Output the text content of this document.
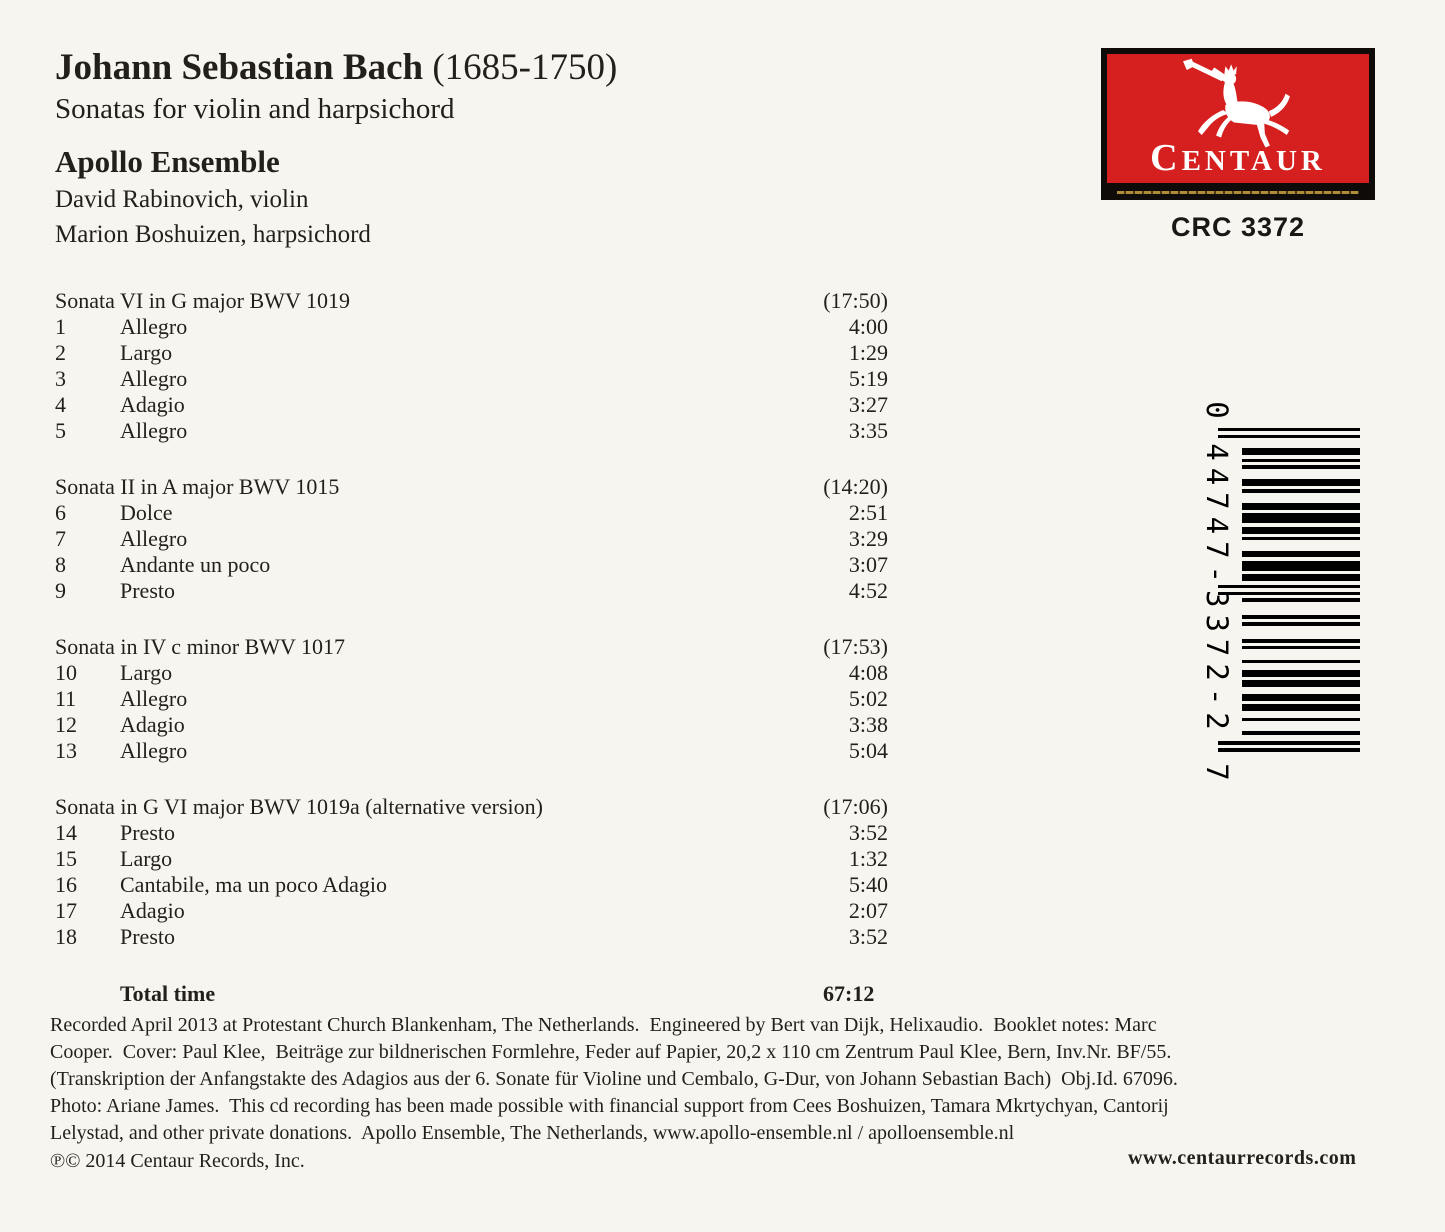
Johann Sebastian Bach (1685-1750)
Sonatas for violin and harpsichord
Apollo Ensemble
David Rabinovich, violin
Marion Boshuizen, harpsichord
CENTAUR
CRC 3372
Sonata VI in G major BWV 1019	(17:50)
1	Allegro	4:00
2	Largo	1:29
3	Allegro	5:19
4	Adagio	3:27
5	Allegro	3:35
Sonata II in A major BWV 1015	(14:20)
6	Dolce	2:51
7	Allegro	3:29
8	Andante un poco	3:07
9	Presto	4:52
Sonata in IV c minor BWV 1017	(17:53)
10	Largo	4:08
11	Allegro	5:02
12	Adagio	3:38
13	Allegro	5:04
Sonata in G VI major BWV 1019a (alternative version)	(17:06)
14	Presto	3:52
15	Largo	1:32
16	Cantabile, ma un poco Adagio	5:40
17	Adagio	2:07
18	Presto	3:52
Total time	67:12
Recorded April 2013 at Protestant Church Blankenham, The Netherlands.  Engineered by Bert van Dijk, Helixaudio.  Booklet notes: Marc
Cooper.  Cover: Paul Klee,  Beiträge zur bildnerischen Formlehre, Feder auf Papier, 20,2 x 110 cm Zentrum Paul Klee, Bern, Inv.Nr. BF/55.
(Transkription der Anfangstakte des Adagios aus der 6. Sonate für Violine und Cembalo, G-Dur, von Johann Sebastian Bach)  Obj.Id. 67096.
Photo: Ariane James.  This cd recording has been made possible with financial support from Cees Boshuizen, Tamara Mkrtychyan, Cantorij
Lelystad, and other private donations.  Apollo Ensemble, The Netherlands, www.apollo-ensemble.nl / apolloensemble.nl
℗© 2014 Centaur Records, Inc.	www.centaurrecords.com
0
44747-3372-2
7
